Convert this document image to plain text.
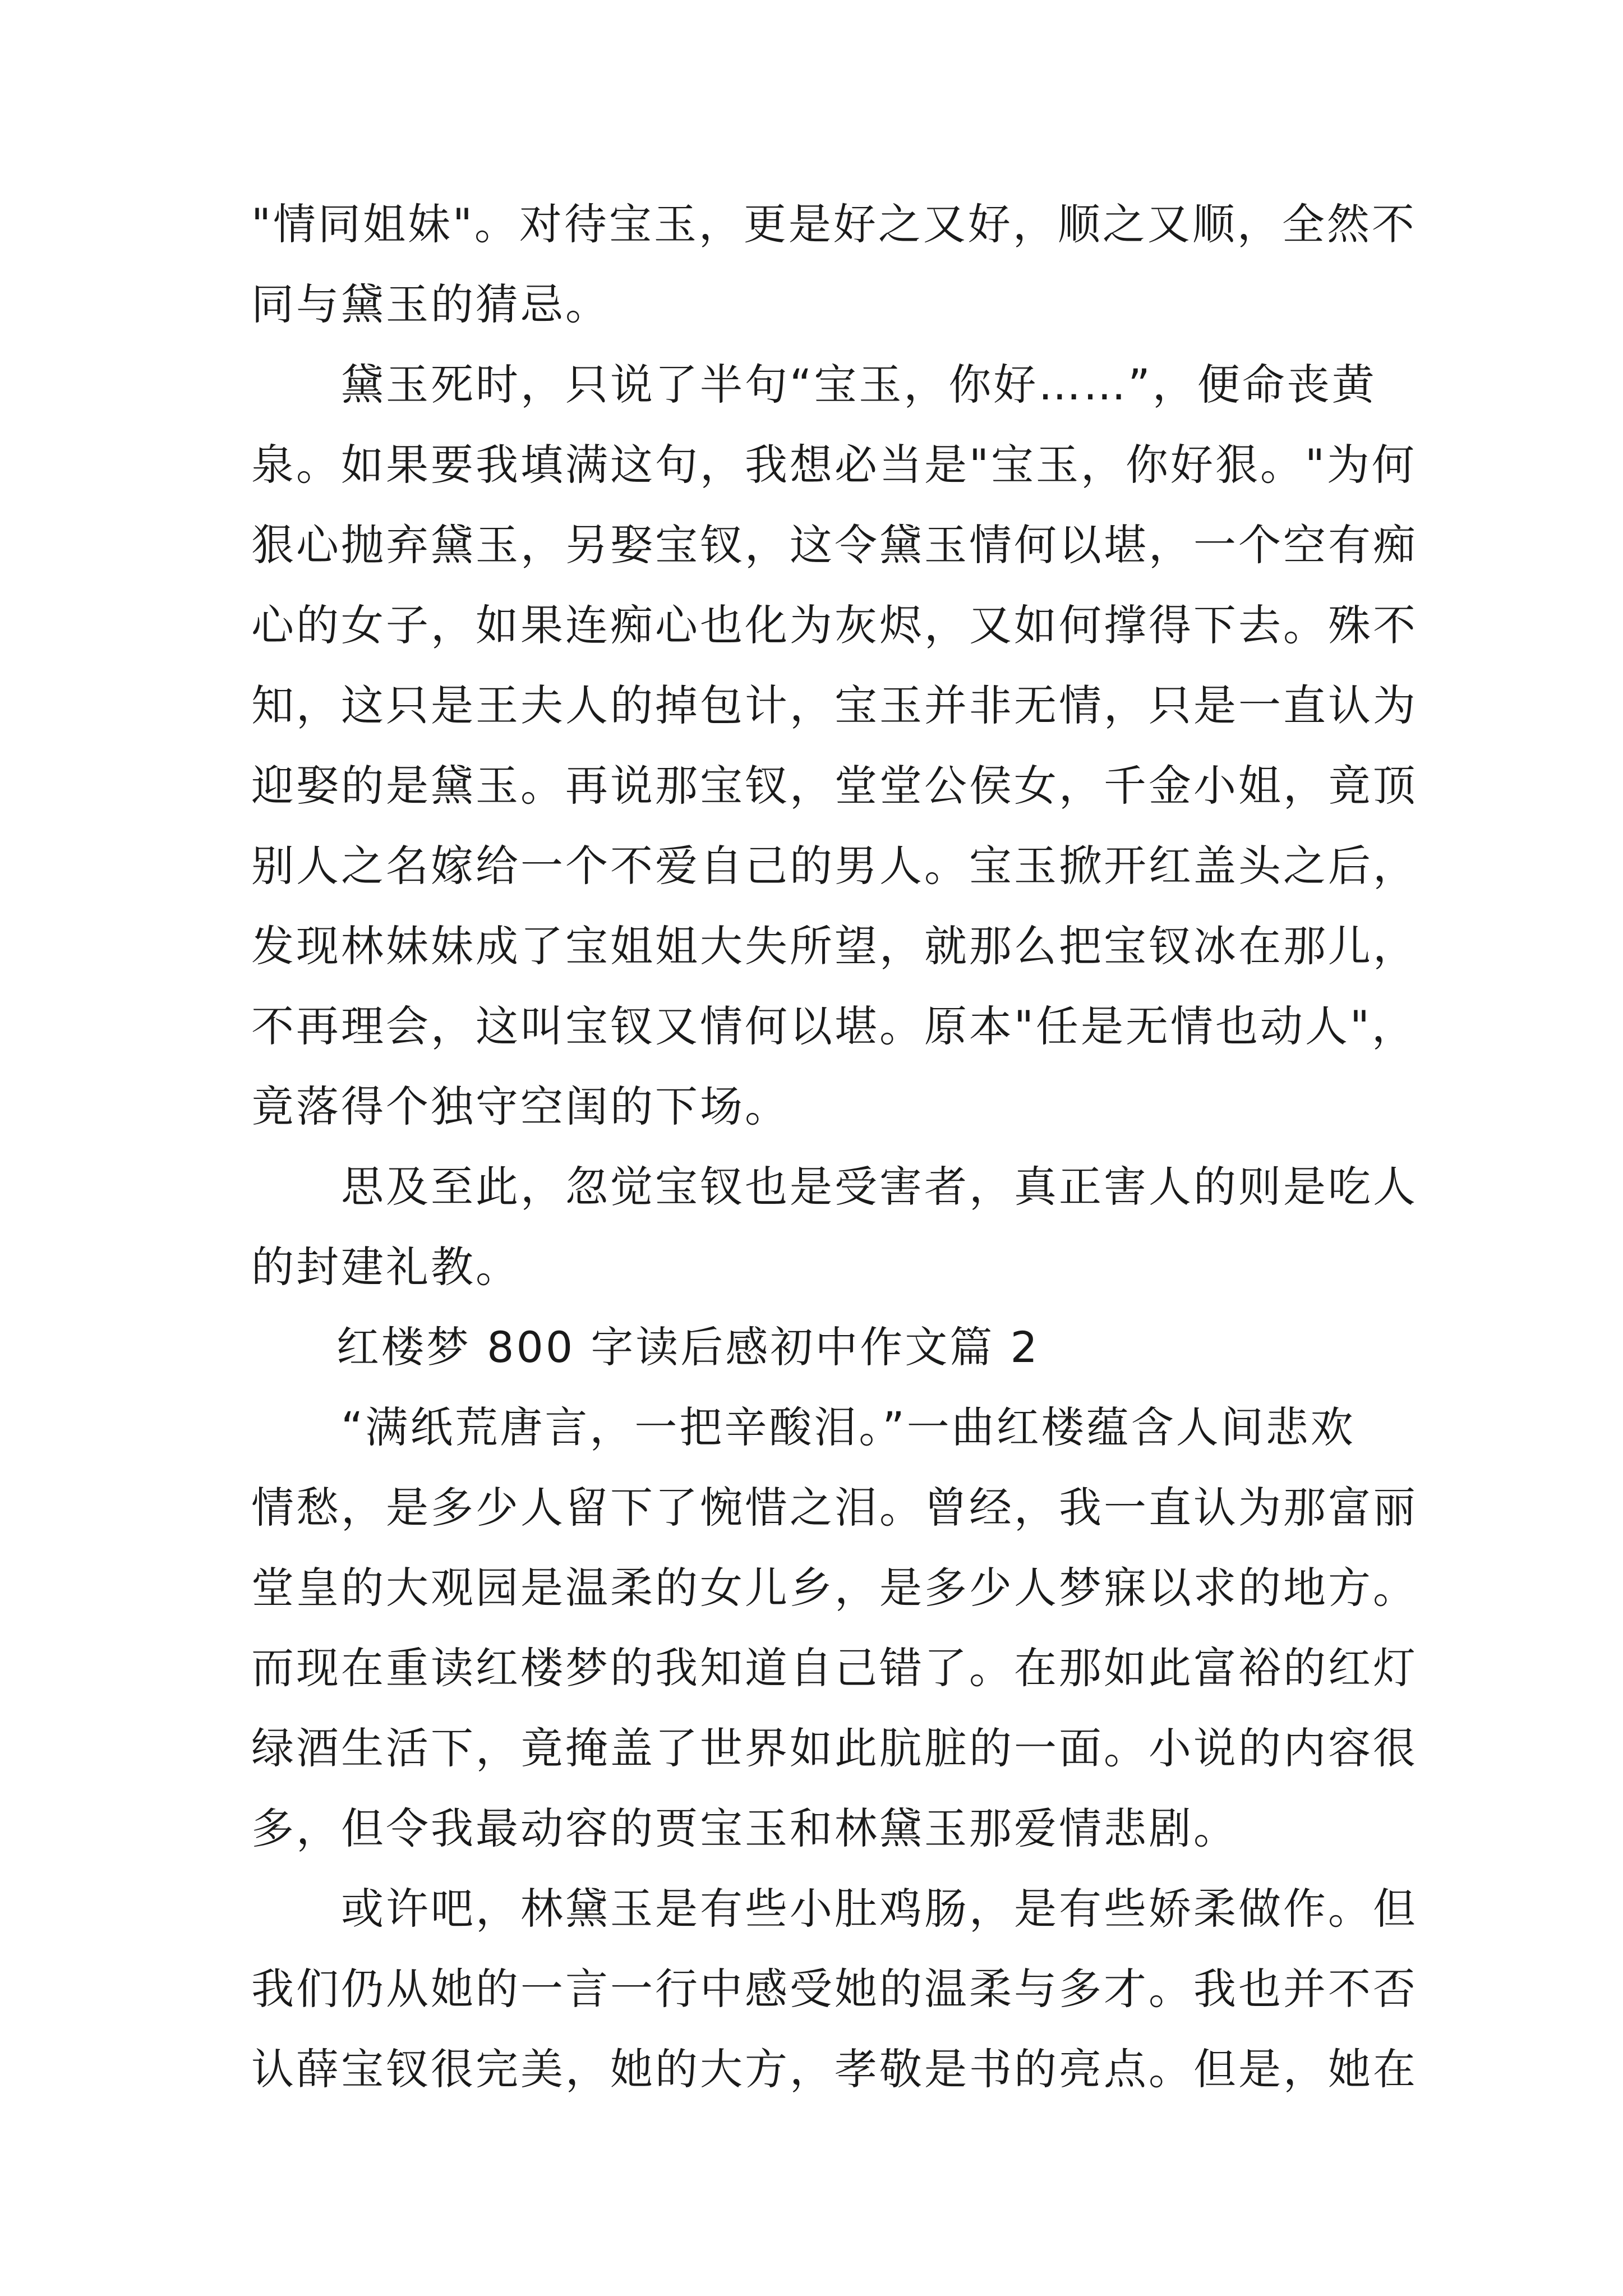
"情同姐妹"。对待宝玉，更是好之又好，顺之又顺，全然不
同与黛玉的猜忌。
　　黛玉死时，只说了半句“宝玉，你好……”，便命丧黄
泉。如果要我填满这句，我想必当是"宝玉，你好狠。"为何
狠心抛弃黛玉，另娶宝钗，这令黛玉情何以堪，一个空有痴
心的女子，如果连痴心也化为灰烬，又如何撑得下去。殊不
知，这只是王夫人的掉包计，宝玉并非无情，只是一直认为
迎娶的是黛玉。再说那宝钗，堂堂公侯女，千金小姐，竟顶
别人之名嫁给一个不爱自己的男人。宝玉掀开红盖头之后，
发现林妹妹成了宝姐姐大失所望，就那么把宝钗冰在那儿，
不再理会，这叫宝钗又情何以堪。原本"任是无情也动人"，
竟落得个独守空闺的下场。
　　思及至此，忽觉宝钗也是受害者，真正害人的则是吃人
的封建礼教。
红楼梦 800 字读后感初中作文篇 2
　　“满纸荒唐言，一把辛酸泪。”一曲红楼蕴含人间悲欢
情愁，是多少人留下了惋惜之泪。曾经，我一直认为那富丽
堂皇的大观园是温柔的女儿乡，是多少人梦寐以求的地方。
而现在重读红楼梦的我知道自己错了。在那如此富裕的红灯
绿酒生活下，竟掩盖了世界如此肮脏的一面。小说的内容很
多，但令我最动容的贾宝玉和林黛玉那爱情悲剧。
　　或许吧，林黛玉是有些小肚鸡肠，是有些娇柔做作。但
我们仍从她的一言一行中感受她的温柔与多才。我也并不否
认薛宝钗很完美，她的大方，孝敬是书的亮点。但是，她在
